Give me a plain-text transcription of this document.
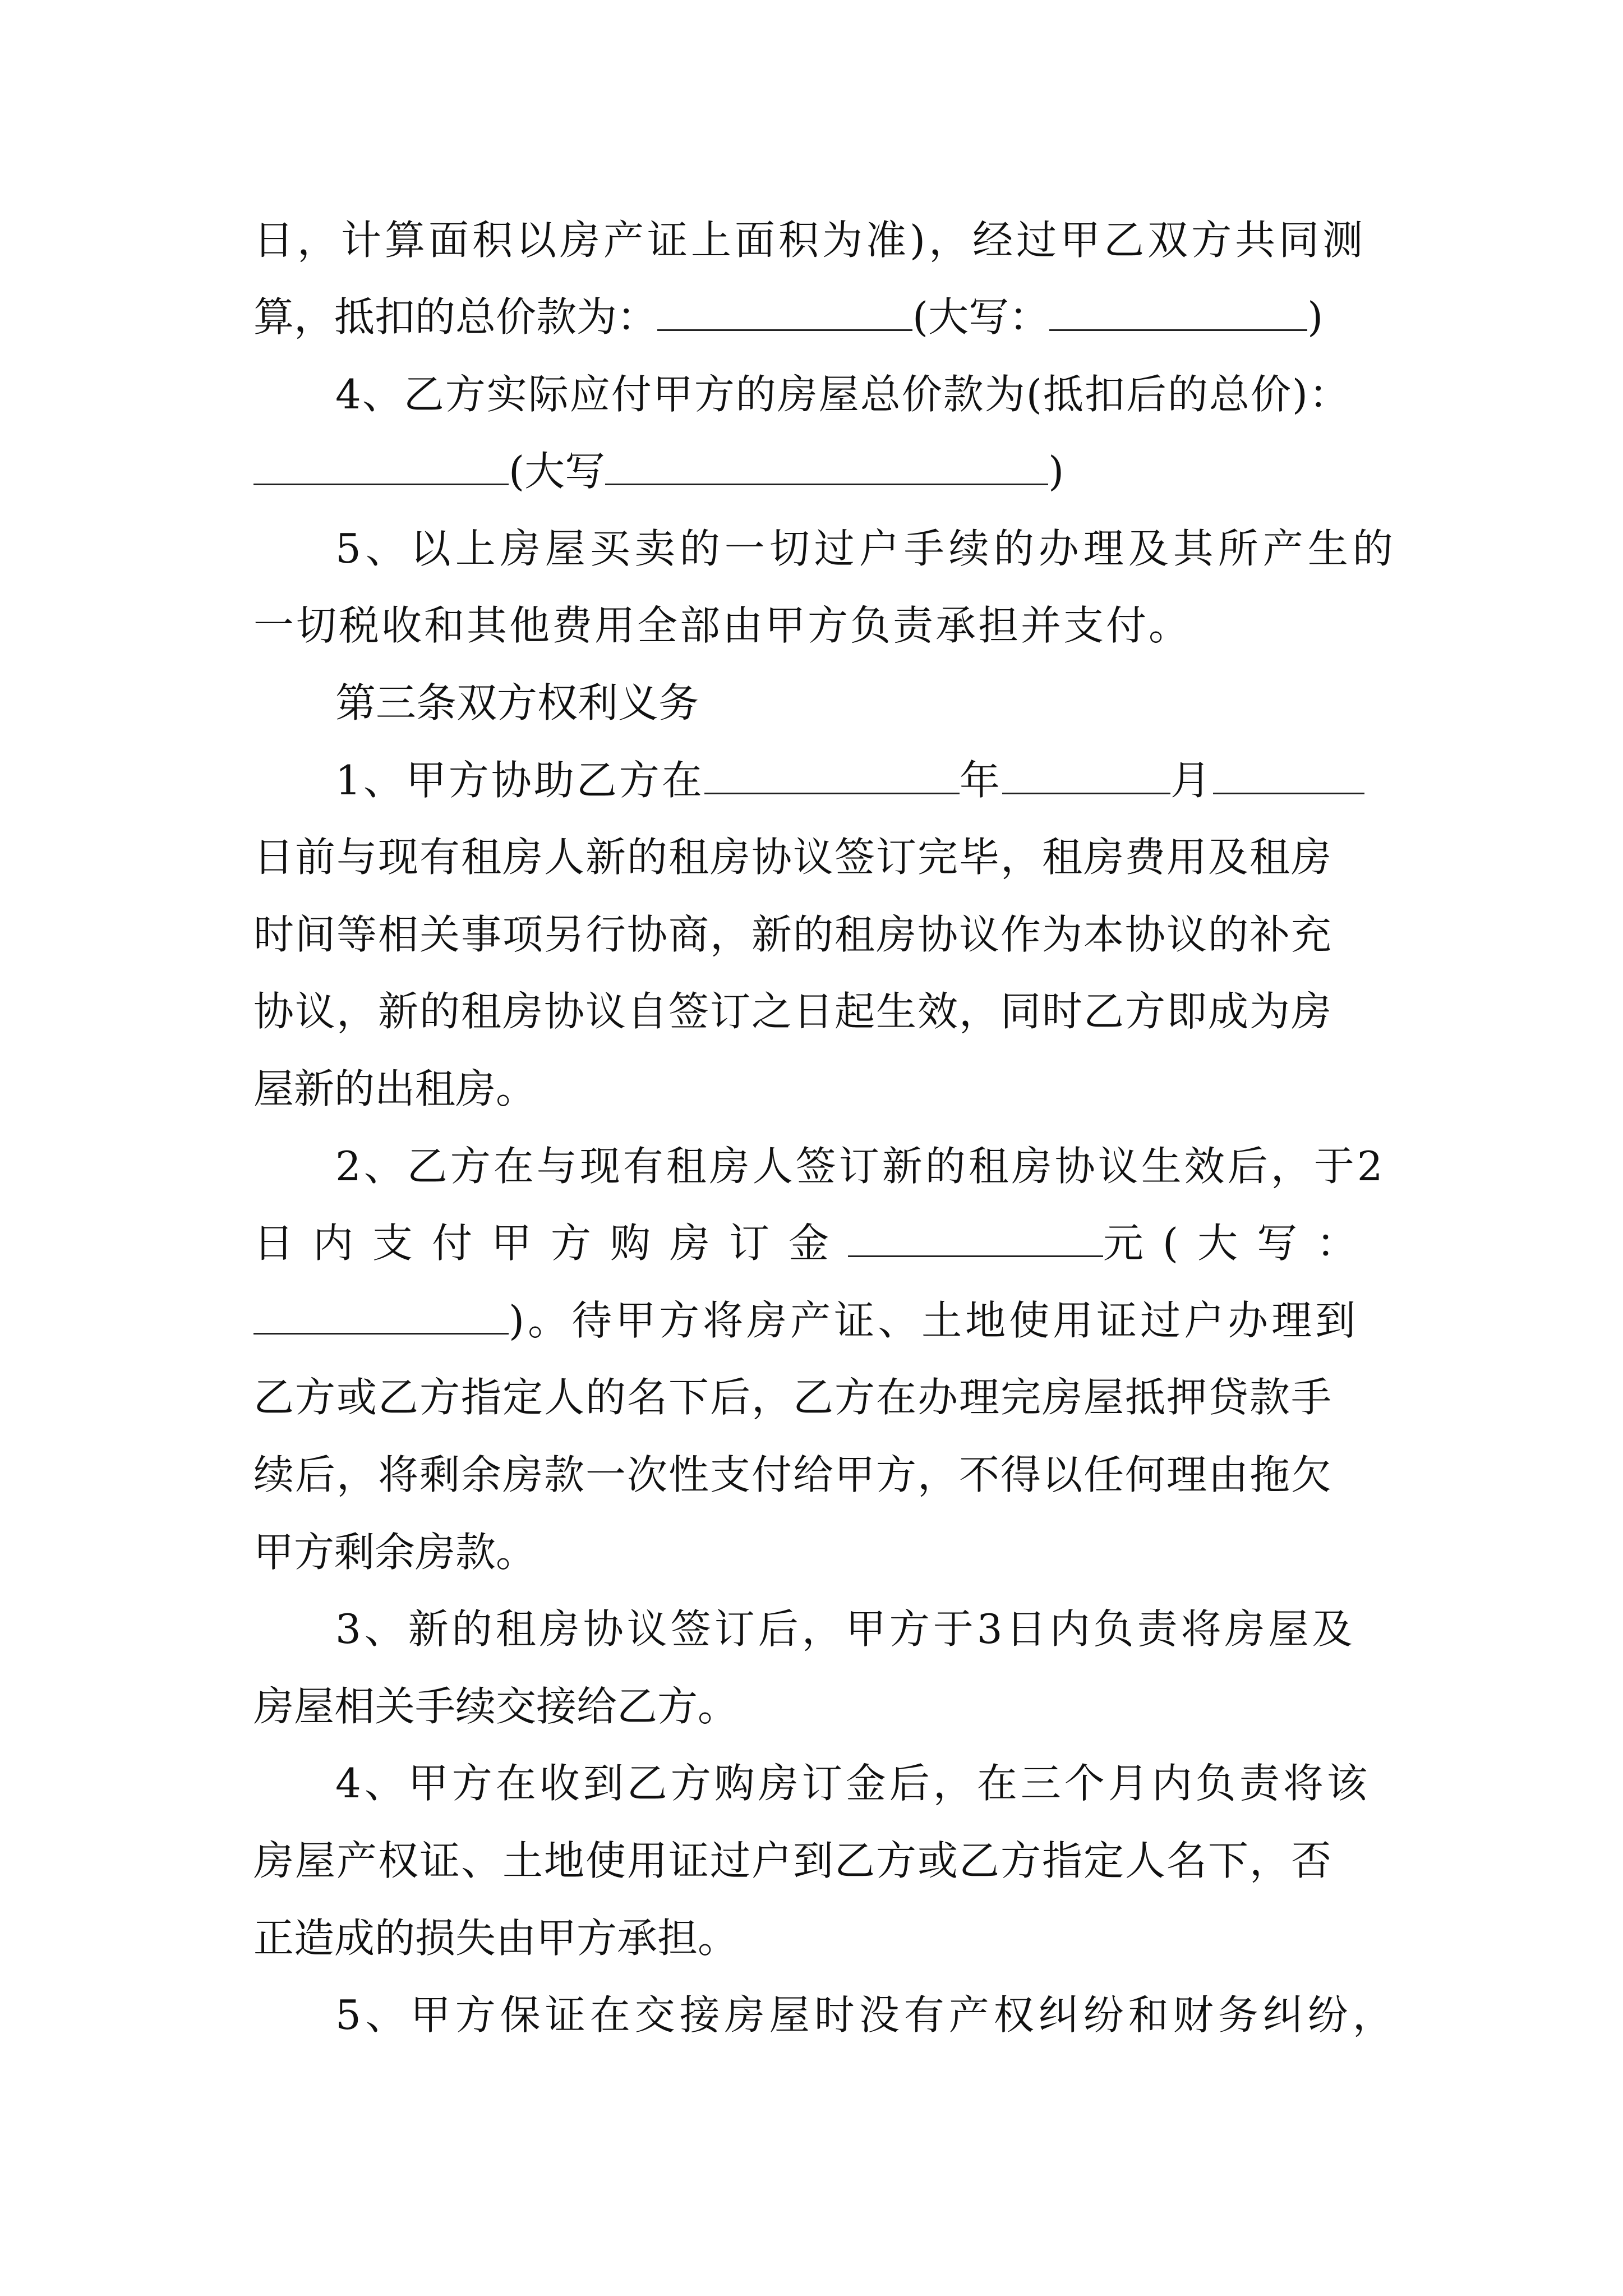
日，计算面积以房产证上面积为准)，经过甲乙双方共同测

算，抵扣的总价款为：	(大写：	)

4、乙方实际应付甲方的房屋总价款为(抵扣后的总价)：

(大写	)

5、以上房屋买卖的一切过户手续的办理及其所产生的

一切税收和其他费用全部由甲方负责承担并支付。

第三条双方权利义务

1、甲方协助乙方在	年	月

日前与现有租房人新的租房协议签订完毕，租房费用及租房

时间等相关事项另行协商，新的租房协议作为本协议的补充

协议，新的租房协议自签订之日起生效，同时乙方即成为房

屋新的出租房。

2、乙方在与现有租房人签订新的租房协议生效后，于2

日内支付甲方购房订金	元(大写：

)。待甲方将房产证、土地使用证过户办理到

乙方或乙方指定人的名下后，乙方在办理完房屋抵押贷款手

续后，将剩余房款一次性支付给甲方，不得以任何理由拖欠

甲方剩余房款。

3、新的租房协议签订后，甲方于3日内负责将房屋及

房屋相关手续交接给乙方。

4、甲方在收到乙方购房订金后，在三个月内负责将该

房屋产权证、土地使用证过户到乙方或乙方指定人名下，否

正造成的损失由甲方承担。

5、甲方保证在交接房屋时没有产权纠纷和财务纠纷，
